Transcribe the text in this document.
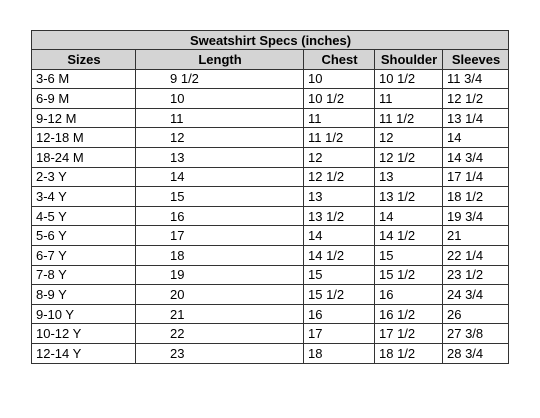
Sweatshirt Specs (inches)				
Sizes	Length	Chest	Shoulder	Sleeves
3-6 M	9 1/2	10	10 1/2	11 3/4
6-9 M	10	10 1/2	11	12 1/2
9-12 M	11	11	11 1/2	13 1/4
12-18 M	12	11 1/2	12	14
18-24 M	13	12	12 1/2	14 3/4
2-3 Y	14	12 1/2	13	17 1/4
3-4 Y	15	13	13 1/2	18 1/2
4-5 Y	16	13 1/2	14	19 3/4
5-6 Y	17	14	14 1/2	21
6-7 Y	18	14 1/2	15	22 1/4
7-8 Y	19	15	15 1/2	23 1/2
8-9 Y	20	15 1/2	16	24 3/4
9-10 Y	21	16	16 1/2	26
10-12 Y	22	17	17 1/2	27 3/8
12-14 Y	23	18	18 1/2	28 3/4
